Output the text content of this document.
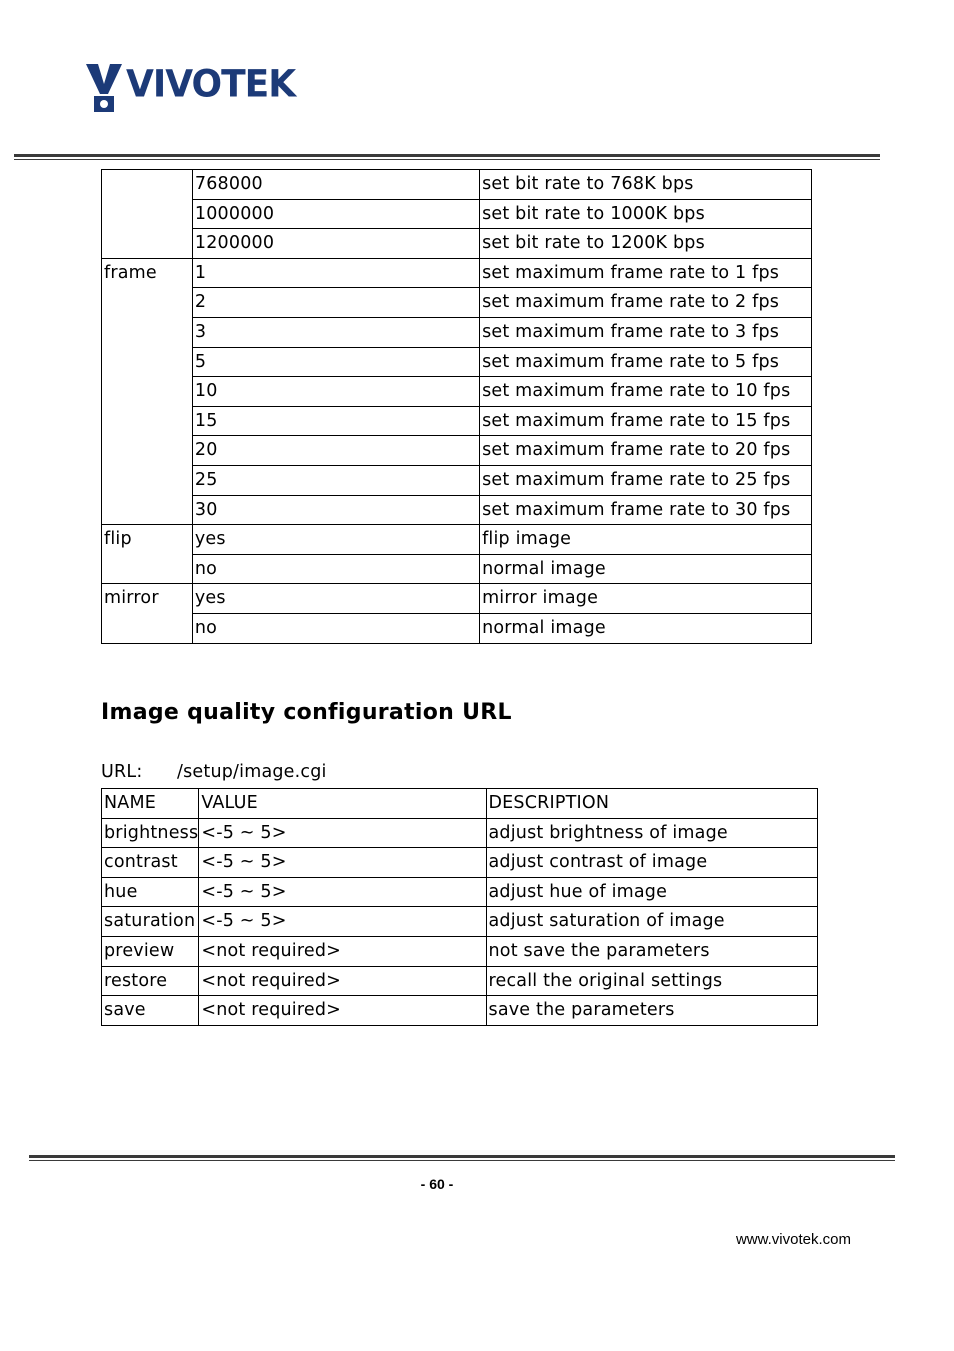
VIVOTEK
	768000	set bit rate to 768K bps
	1000000	set bit rate to 1000K bps
	1200000	set bit rate to 1200K bps
frame	1	set maximum frame rate to 1 fps
	2	set maximum frame rate to 2 fps
	3	set maximum frame rate to 3 fps
	5	set maximum frame rate to 5 fps
	10	set maximum frame rate to 10 fps
	15	set maximum frame rate to 15 fps
	20	set maximum frame rate to 20 fps
	25	set maximum frame rate to 25 fps
	30	set maximum frame rate to 30 fps
flip	yes	flip image
	no	normal image
mirror	yes	mirror image
	no	normal image
Image quality configuration URL
URL: /setup/image.cgi
NAME	VALUE	DESCRIPTION
brightness	<-5 ~ 5>	adjust brightness of image
contrast	<-5 ~ 5>	adjust contrast of image
hue	<-5 ~ 5>	adjust hue of image
saturation	<-5 ~ 5>	adjust saturation of image
preview	<not required>	not save the parameters
restore	<not required>	recall the original settings
save	<not required>	save the parameters
- 60 -
www.vivotek.com
